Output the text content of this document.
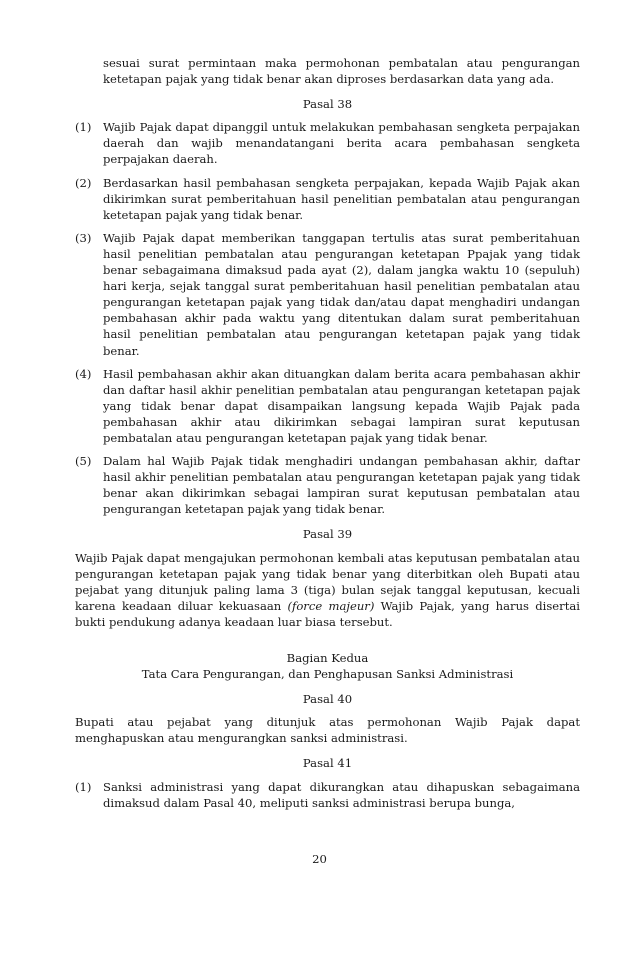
sesuai surat permintaan maka permohonan pembatalan atau pengurangan ketetapan pajak yang tidak benar akan diproses berdasarkan data yang ada.
Pasal 38
(1) Wajib Pajak dapat dipanggil untuk melakukan pembahasan sengketa perpajakan daerah dan wajib menandatangani berita acara pembahasan sengketa perpajakan daerah.
(2) Berdasarkan hasil pembahasan sengketa perpajakan, kepada Wajib Pajak akan dikirimkan surat pemberitahuan hasil penelitian pembatalan atau pengurangan ketetapan pajak yang tidak benar.
(3) Wajib Pajak dapat memberikan tanggapan tertulis atas surat pemberitahuan hasil penelitian pembatalan atau pengurangan ketetapan Ppajak yang tidak benar sebagaimana dimaksud pada ayat (2), dalam jangka waktu 10 (sepuluh) hari kerja, sejak tanggal surat pemberitahuan hasil penelitian pembatalan atau pengurangan ketetapan pajak yang tidak dan/atau dapat menghadiri undangan pembahasan akhir pada waktu yang ditentukan dalam surat pemberitahuan hasil penelitian pembatalan atau pengurangan ketetapan pajak yang tidak benar.
(4) Hasil pembahasan akhir akan dituangkan dalam berita acara pembahasan akhir dan daftar hasil akhir penelitian pembatalan atau pengurangan ketetapan pajak yang tidak benar dapat disampaikan langsung kepada Wajib Pajak pada pembahasan akhir atau dikirimkan sebagai lampiran surat keputusan pembatalan atau pengurangan ketetapan pajak yang tidak benar.
(5) Dalam hal Wajib Pajak tidak menghadiri undangan pembahasan akhir, daftar hasil akhir penelitian pembatalan atau pengurangan ketetapan pajak yang tidak benar akan dikirimkan sebagai lampiran surat keputusan pembatalan atau pengurangan ketetapan pajak yang tidak benar.
Pasal 39
Wajib Pajak dapat mengajukan permohonan kembali atas keputusan pembatalan atau pengurangan ketetapan pajak yang tidak benar yang diterbitkan oleh Bupati atau pejabat yang ditunjuk paling lama 3 (tiga) bulan sejak tanggal keputusan, kecuali karena keadaan diluar kekuasaan (force majeur) Wajib Pajak, yang harus disertai bukti pendukung adanya keadaan luar biasa tersebut.
Bagian Kedua
Tata Cara Pengurangan, dan Penghapusan Sanksi Administrasi
Pasal 40
Bupati atau pejabat yang ditunjuk atas permohonan Wajib Pajak dapat menghapuskan atau mengurangkan sanksi administrasi.
Pasal 41
(1) Sanksi administrasi yang dapat dikurangkan atau dihapuskan sebagaimana dimaksud dalam Pasal 40, meliputi sanksi administrasi berupa bunga,
20
